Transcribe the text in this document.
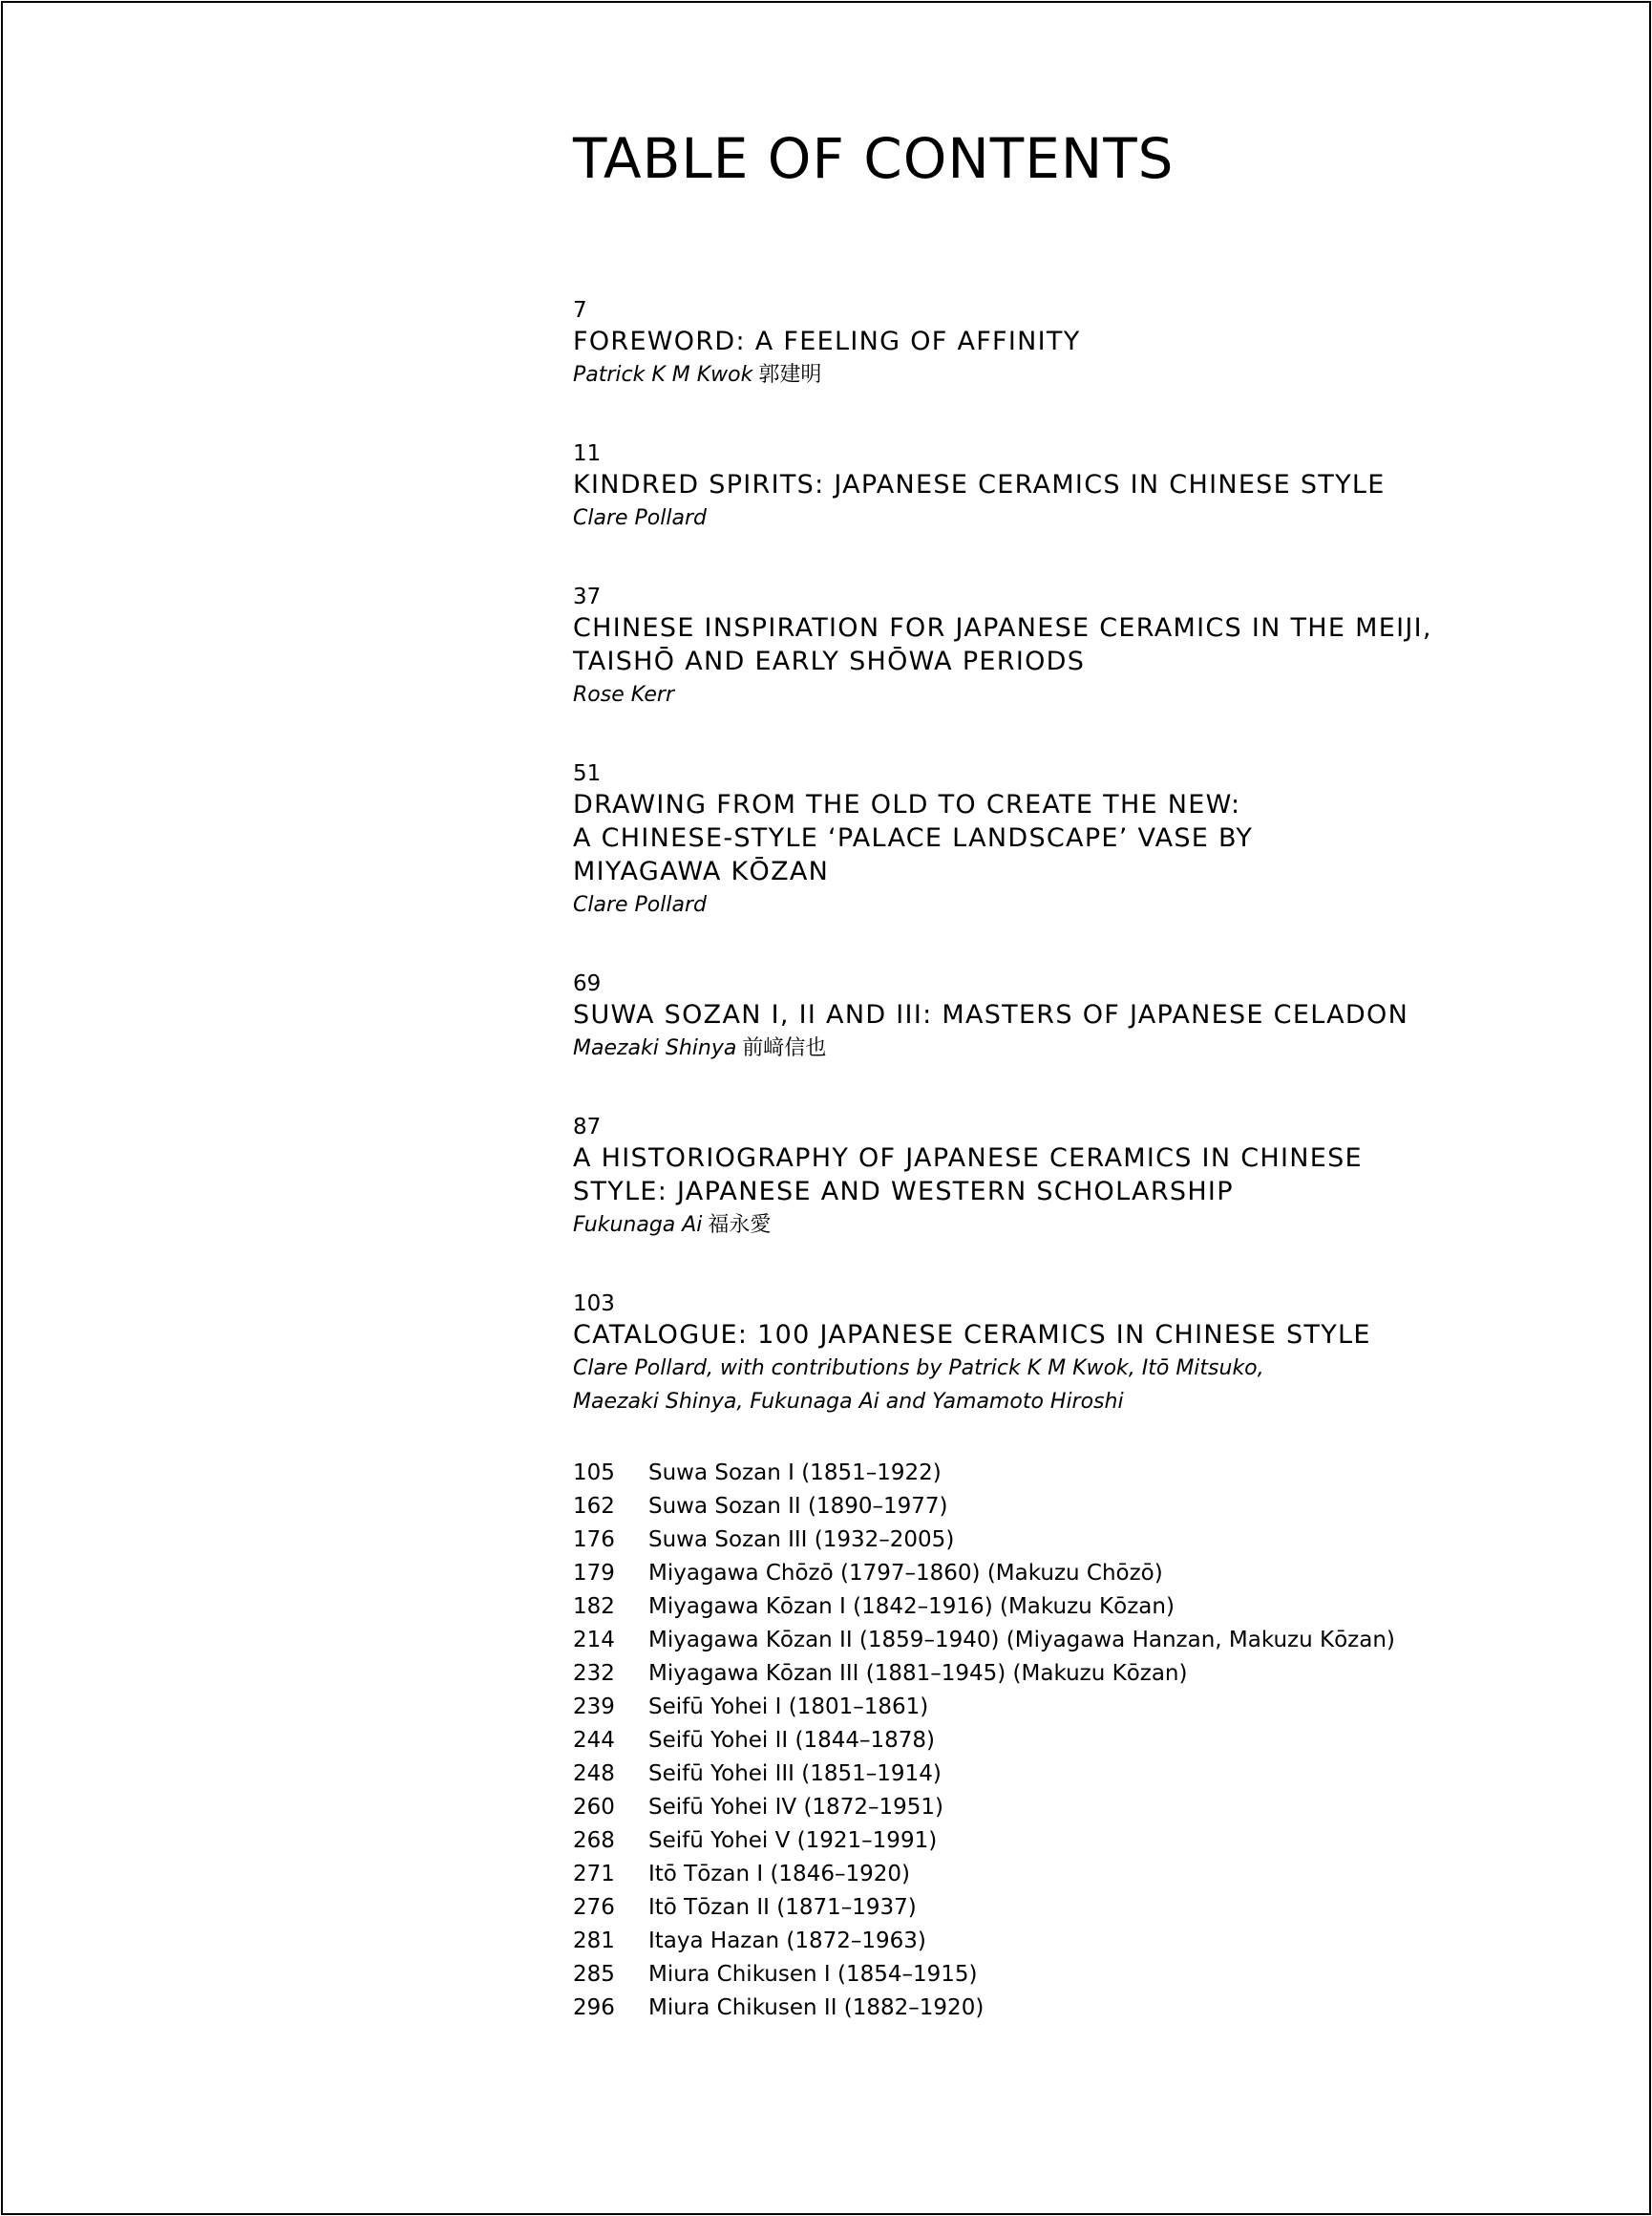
TABLE OF CONTENTS
7
FOREWORD: A FEELING OF AFFINITY
Patrick K M Kwok 郭建明
11
KINDRED SPIRITS: JAPANESE CERAMICS IN CHINESE STYLE
Clare Pollard
37
CHINESE INSPIRATION FOR JAPANESE CERAMICS IN THE MEIJI,
TAISHŌ AND EARLY SHŌWA PERIODS
Rose Kerr
51
DRAWING FROM THE OLD TO CREATE THE NEW:
A CHINESE-STYLE ‘PALACE LANDSCAPE’ VASE BY
MIYAGAWA KŌZAN
Clare Pollard
69
SUWA SOZAN I, II AND III: MASTERS OF JAPANESE CELADON
Maezaki Shinya 前﨑信也
87
A HISTORIOGRAPHY OF JAPANESE CERAMICS IN CHINESE
STYLE: JAPANESE AND WESTERN SCHOLARSHIP
Fukunaga Ai 福永愛
103
CATALOGUE: 100 JAPANESE CERAMICS IN CHINESE STYLE
Clare Pollard, with contributions by Patrick K M Kwok, Itō Mitsuko,
Maezaki Shinya, Fukunaga Ai and Yamamoto Hiroshi
105	Suwa Sozan I (1851–1922)
162	Suwa Sozan II (1890–1977)
176	Suwa Sozan III (1932–2005)
179	Miyagawa Chōzō (1797–1860) (Makuzu Chōzō)
182	Miyagawa Kōzan I (1842–1916) (Makuzu Kōzan)
214	Miyagawa Kōzan II (1859–1940) (Miyagawa Hanzan, Makuzu Kōzan)
232	Miyagawa Kōzan III (1881–1945) (Makuzu Kōzan)
239	Seifū Yohei I (1801–1861)
244	Seifū Yohei II (1844–1878)
248	Seifū Yohei III (1851–1914)
260	Seifū Yohei IV (1872–1951)
268	Seifū Yohei V (1921–1991)
271	Itō Tōzan I (1846–1920)
276	Itō Tōzan II (1871–1937)
281	Itaya Hazan (1872–1963)
285	Miura Chikusen I (1854–1915)
296	Miura Chikusen II (1882–1920)
